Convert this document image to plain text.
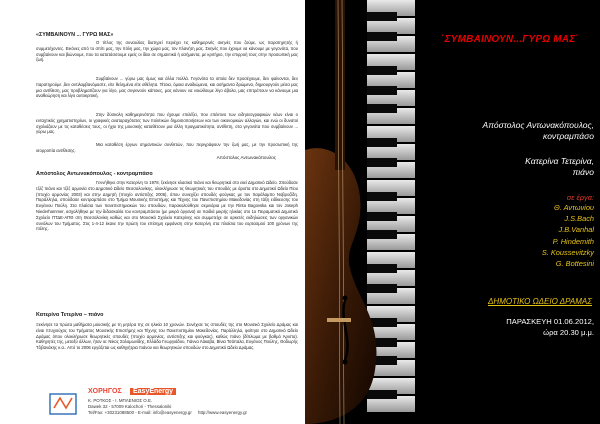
«ΣΥΜΒΑΙΝΟΥΝ ... ΓΥΡΩ ΜΑΣ»
Ο τίτλος της συναυλίας διατηρεί περιέχει τις καθημερινές σκηνές που ζούμε, ως παρατηρητής ή συμμετέχοντες. Εικόνες από το σπίτι μας, την πόλη μας, την χώρα μας, τον πλανήτη μας. Σκηνές που έχουμε να κάνουμε με γεγονότα, που συμβαίνουν και βιώνουμε, που τα κατατάσσουμε εμείς οι ίδιοι σε σημαντικά ή ασήμαντα, με κριτήριο, την επιρροή τους στην προσωπική μας ζωή.
Συμβαίνουν ... γύρω μας όμως και άλλα πολλά. Γεγονότα τα οποία δεν προσέχουμε, δεν φαίνονται, δεν παρατηρούμε ,δεν αντιλαμβανόμαστε, είτε θελημένα είτε αθέλητα. Τέτοια, όμοια αναδιώμενα, και ασήμαντα δρώμενα, δημιουργούν μέσα μας μια αντίθεση, μας προβληματίζουν για λίγο, μας συγκινούν κάποιες, μας κάνουν να νοιώθουμε λίγο άβολα, μας επιτρέπουν να κάνουμε μια αναθεώρηση και λίγο αυτοκριτική.
Στην δύσκολη καθημερινότητα που έχουμε επιλέξει, που επέκτινο των ειδησεογραφικών νέων είναι ο ενταχτικός χρηματιστηρίων, οι γραφικές αναταραχότατες των πολιτικών δημοσιοποιήσεων και των οικονομικών αλλαγών, και ενώ οι δυνατοί σχολιάζουν με τις καταθέσεις τους, οι ήχοι της μουσικής καταθέτουν μια άλλη πραγματικότητα, αντίθετη, στα γεγονότα που συμβαίνουν ... γύρω μας.
Μια καταθέση έργων σημαντικών συνθετών, που περιγράφουν την ζωή μας, με την προσωπική της ισορροπία αντίθεσης.
Απόστολος Αντωνακόπουλος
Απόστολος Αντωνακόπουλος - κοντραμπάσο
Γεννήθηκε στην Κατερίνη το 1978, ξεκίνησε κλασικό πιάνο και θεωρητικά στο εκεί Δημοτικό Ωδείο. Σπούδασε τζέζ πιάνο και τζέζ αρμονία στο Δημοτικό Ωδείο Θεσσαλονίκης, ολοκλήρωσε τις θεωρητικές του σπουδές με άριστα στο Δημοτικό Ωδείο Πίου (πτυχίο αρμονίας 2003) και στην Δημητή (πτυχίο αντίστιξης 2006), όπου συνεχίζει σπουδές φούγκας με τον Χαράλαμπο Νοβροζίδη. Παράλληλα, σπούδασε κοντραμπάσο στο Τμήμα Μουσικής Επιστήμης και Τέχνης του Πανεπιστημίου Μακεδονίας στη τάξη ειδίκευσης του Ευγένιου Πούλη. Στα πλαίσια των πανεπιστημιακών του σπουδών, παρακολούθησε σεμινάρια με την Rinta Bagovska και τον Joseph Niederhammer, ασχολήθηκε με την διδασκαλία του κοντραμπάσου (με μικρά όργανα) σε παιδιά μικρής ηλικίας στο 1ο Πειραματικό Δημοτικό Σχολείο ΠΤΔΕ-ΑΠΘ στη Θεσσαλονίκη καθώς και στο Μουσικό Σχολείο Κατερίνης και συμμετείχε σε αρκετές εκδηλώσεις των οργανικών συνόλων του Τμήματος. Στις 1-4-12 έκανε την πρώτη του επίσημη εμφάνιση στην Κατερίνη στα πλαίσια του εορτασμού 100 χρόνων της πόλης.
Κατερίνα Τετερίνα – πιάνο
Ξεκίνησε τα πρώτα μαθήματα μουσικής με τη μητέρα της σε ηλικία 10 χρονών. Συνέχισε τις σπουδές της στο Μουσικό Σχολείο Δράμας και είναι πτυχιούχος του Τμήματος Μουσικής Επιστήμης και Τέχνης του Πανεπιστημίου Μακεδονίας. Παράλληλα, φοίτησε στο Δημοτικό Ωδείο Δράμας όπου ολοκλήρωσε θεωρητικές σπουδές (πτυχίο αρμονίας, αντίστιξης και φούγκας), καθώς πιάνο (δίπλωμα με βαθμό Άριστα). Καθηγητές της, μεταξύ άλλων, ήταν οι: Νίκος Σολομωνίδης, Ελλάδα Γεωργιάδου, Γιάννα Λάκαβα, Βίνια Τσάπαλα, Ευγένιος Πούλης, Θοδωρής Τζιβανάκης κ.α.. Από το 2006 εργάζεται ως καθηγήτρια πιάνου και θεωρητικών σπουδών στο Δημοτικό Ωδείο Δράμας.
ΧΟΡΗΓΟΣ	EasyEnergy
Κ. ΡΟΤΚΟΣ - Ι. ΜΠΛΕΝΙΟΣ Ο.Ε.
Dawek 32 - 57009 Kalochori - Thessaloniki
Tel/Fax: +30231088500 - E-mail: info@easyenergy.gr http://www.easyenergy.gr
΄ΣΥΜΒΑΙΝΟΥΝ...ΓΥΡΩ ΜΑΣ΄
Απόστολος Αντωνακόπουλος,
κοντραμπάσο
Κατερίνα Τετερίνα,
πιάνο
σε έργα:
Θ. Αντωνίου
J.S.Bach
J.B.Vanhal
P. Hindemith
S. Koussevitzky
G. Bottesini
ΔΗΜΟΤΙΚΟ ΩΔΕΙΟ ΔΡΑΜΑΣ
ΠΑΡΑΣΚΕΥΗ 01.06.2012,
ώρα 20.30 μ.μ.
